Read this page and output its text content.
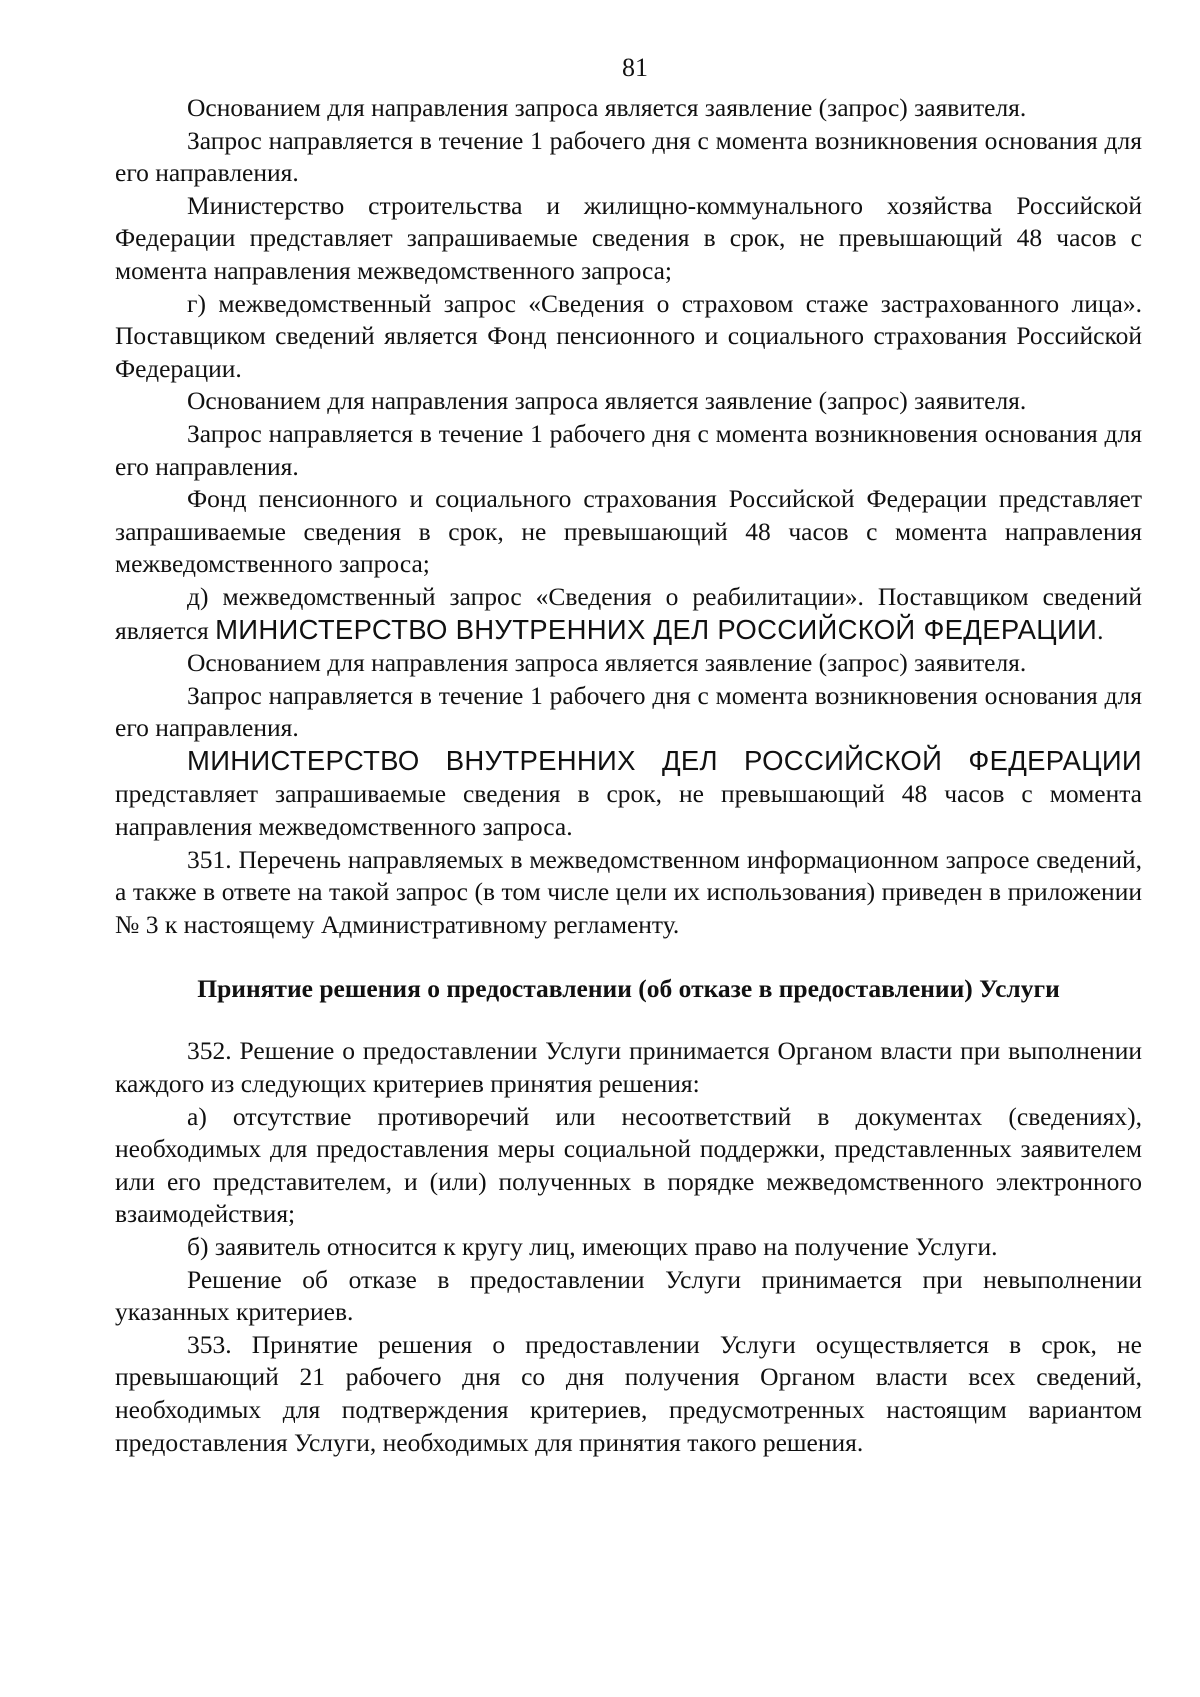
81

Основанием для направления запроса является заявление (запрос) заявителя.

Запрос направляется в течение 1 рабочего дня с момента возникновения основания для его направления.

Министерство строительства и жилищно-коммунального хозяйства Российской Федерации представляет запрашиваемые сведения в срок, не превышающий 48 часов с момента направления межведомственного запроса;

г) межведомственный запрос «Сведения о страховом стаже застрахованного лица». Поставщиком сведений является Фонд пенсионного и социального страхования Российской Федерации.

Основанием для направления запроса является заявление (запрос) заявителя.

Запрос направляется в течение 1 рабочего дня с момента возникновения основания для его направления.

Фонд пенсионного и социального страхования Российской Федерации представляет запрашиваемые сведения в срок, не превышающий 48 часов с момента направления межведомственного запроса;

д) межведомственный запрос «Сведения о реабилитации». Поставщиком сведений является МИНИСТЕРСТВО ВНУТРЕННИХ ДЕЛ РОССИЙСКОЙ ФЕДЕРАЦИИ.

Основанием для направления запроса является заявление (запрос) заявителя.

Запрос направляется в течение 1 рабочего дня с момента возникновения основания для его направления.

МИНИСТЕРСТВО ВНУТРЕННИХ ДЕЛ РОССИЙСКОЙ ФЕДЕРАЦИИ представляет запрашиваемые сведения в срок, не превышающий 48 часов с момента направления межведомственного запроса.

351. Перечень направляемых в межведомственном информационном запросе сведений, а также в ответе на такой запрос (в том числе цели их использования) приведен в приложении № 3 к настоящему Административному регламенту.

Принятие решения о предоставлении (об отказе в предоставлении) Услуги

352. Решение о предоставлении Услуги принимается Органом власти при выполнении каждого из следующих критериев принятия решения:

а) отсутствие противоречий или несоответствий в документах (сведениях), необходимых для предоставления меры социальной поддержки, представленных заявителем или его представителем, и (или) полученных в порядке межведомственного электронного взаимодействия;

б) заявитель относится к кругу лиц, имеющих право на получение Услуги.

Решение об отказе в предоставлении Услуги принимается при невыполнении указанных критериев.

353. Принятие решения о предоставлении Услуги осуществляется в срок, не превышающий 21 рабочего дня со дня получения Органом власти всех сведений, необходимых для подтверждения критериев, предусмотренных настоящим вариантом предоставления Услуги, необходимых для принятия такого решения.
